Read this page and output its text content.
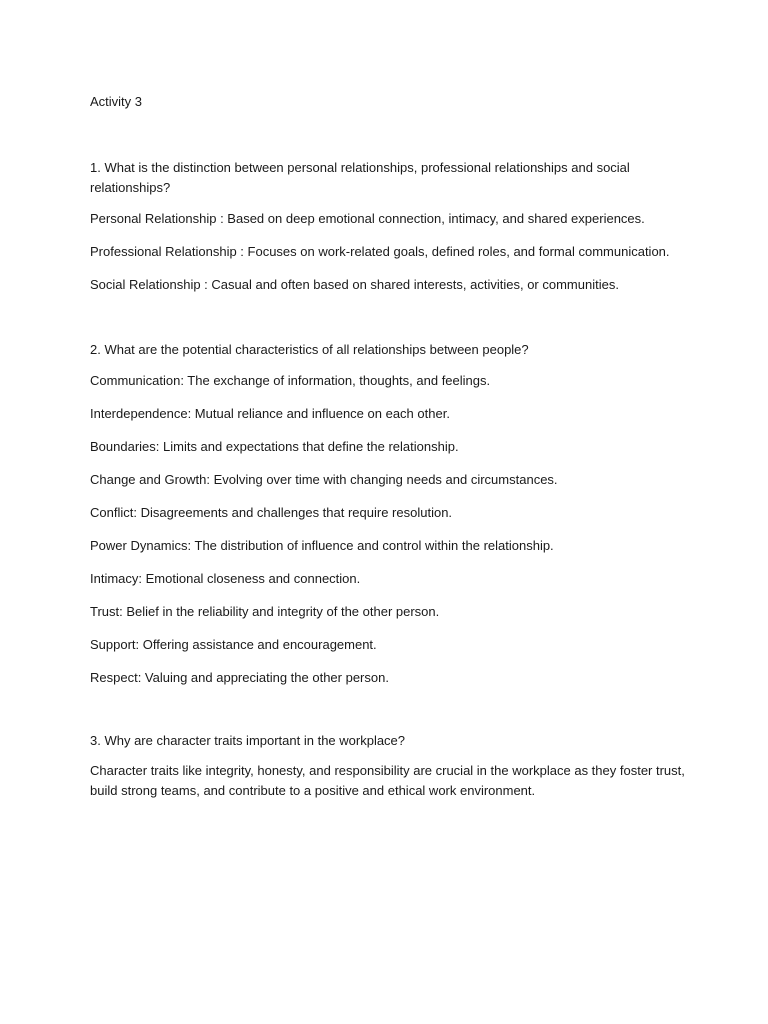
Activity 3

1. What is the distinction between personal relationships, professional relationships and social relationships?

Personal Relationship : Based on deep emotional connection, intimacy, and shared experiences.

Professional Relationship : Focuses on work-related goals, defined roles, and formal communication.

Social Relationship : Casual and often based on shared interests, activities, or communities.

2. What are the potential characteristics of all relationships between people?

Communication: The exchange of information, thoughts, and feelings.

Interdependence: Mutual reliance and influence on each other.

Boundaries: Limits and expectations that define the relationship.

Change and Growth: Evolving over time with changing needs and circumstances.

Conflict: Disagreements and challenges that require resolution.

Power Dynamics: The distribution of influence and control within the relationship.

Intimacy: Emotional closeness and connection.

Trust: Belief in the reliability and integrity of the other person.

Support: Offering assistance and encouragement.

Respect: Valuing and appreciating the other person.

3. Why are character traits important in the workplace?

Character traits like integrity, honesty, and responsibility are crucial in the workplace as they foster trust, build strong teams, and contribute to a positive and ethical work environment.
